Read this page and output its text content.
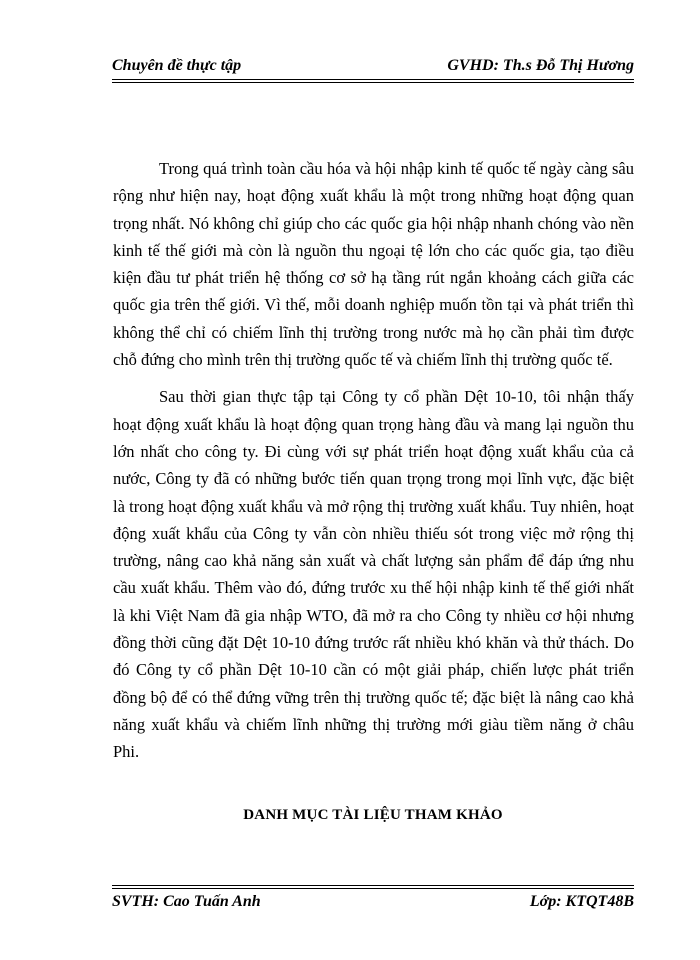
Chuyên đề thực tập	GVHD: Th.s Đỗ Thị Hương

Trong quá trình toàn cầu hóa và hội nhập kinh tế quốc tế ngày càng sâu rộng như hiện nay, hoạt động xuất khẩu là một trong những hoạt động quan trọng nhất. Nó không chỉ giúp cho các quốc gia hội nhập nhanh chóng vào nền kinh tế thế giới mà còn là nguồn thu ngoại tệ lớn cho các quốc gia, tạo điều kiện đầu tư phát triển hệ thống cơ sở hạ tầng rút ngắn khoảng cách giữa các quốc gia trên thế giới. Vì thế, mỗi doanh nghiệp muốn tồn tại và phát triển thì không thể chỉ có chiếm lĩnh thị trường trong nước mà họ cần phải tìm được chỗ đứng cho mình trên thị trường quốc tế và chiếm lĩnh thị trường quốc tế.

Sau thời gian thực tập tại Công ty cổ phần Dệt 10-10, tôi nhận thấy hoạt động xuất khẩu là hoạt động quan trọng hàng đầu và mang lại nguồn thu lớn nhất cho công ty. Đi cùng với sự phát triển hoạt động xuất khẩu của cả nước, Công ty đã có những bước tiến quan trọng trong mọi lĩnh vực, đặc biệt là trong hoạt động xuất khẩu và mở rộng thị trường xuất khẩu. Tuy nhiên, hoạt động xuất khẩu của Công ty vẫn còn nhiều thiếu sót trong việc mở rộng thị trường, nâng cao khả năng sản xuất và chất lượng sản phẩm để đáp ứng nhu cầu xuất khẩu. Thêm vào đó, đứng trước xu thế hội nhập kinh tế thế giới nhất là khi Việt Nam đã gia nhập WTO, đã mở ra cho Công ty nhiều cơ hội nhưng đồng thời cũng đặt Dệt 10-10 đứng trước rất nhiều khó khăn và thử thách. Do đó Công ty cổ phần Dệt 10-10 cần có một giải pháp, chiến lược phát triển đồng bộ để có thể đứng vững trên thị trường quốc tế; đặc biệt là nâng cao khả năng xuất khẩu và chiếm lĩnh những thị trường mới giàu tiềm năng ở châu Phi.

DANH MỤC TÀI LIỆU THAM KHẢO
SVTH: Cao Tuấn Anh	Lớp: KTQT48B
